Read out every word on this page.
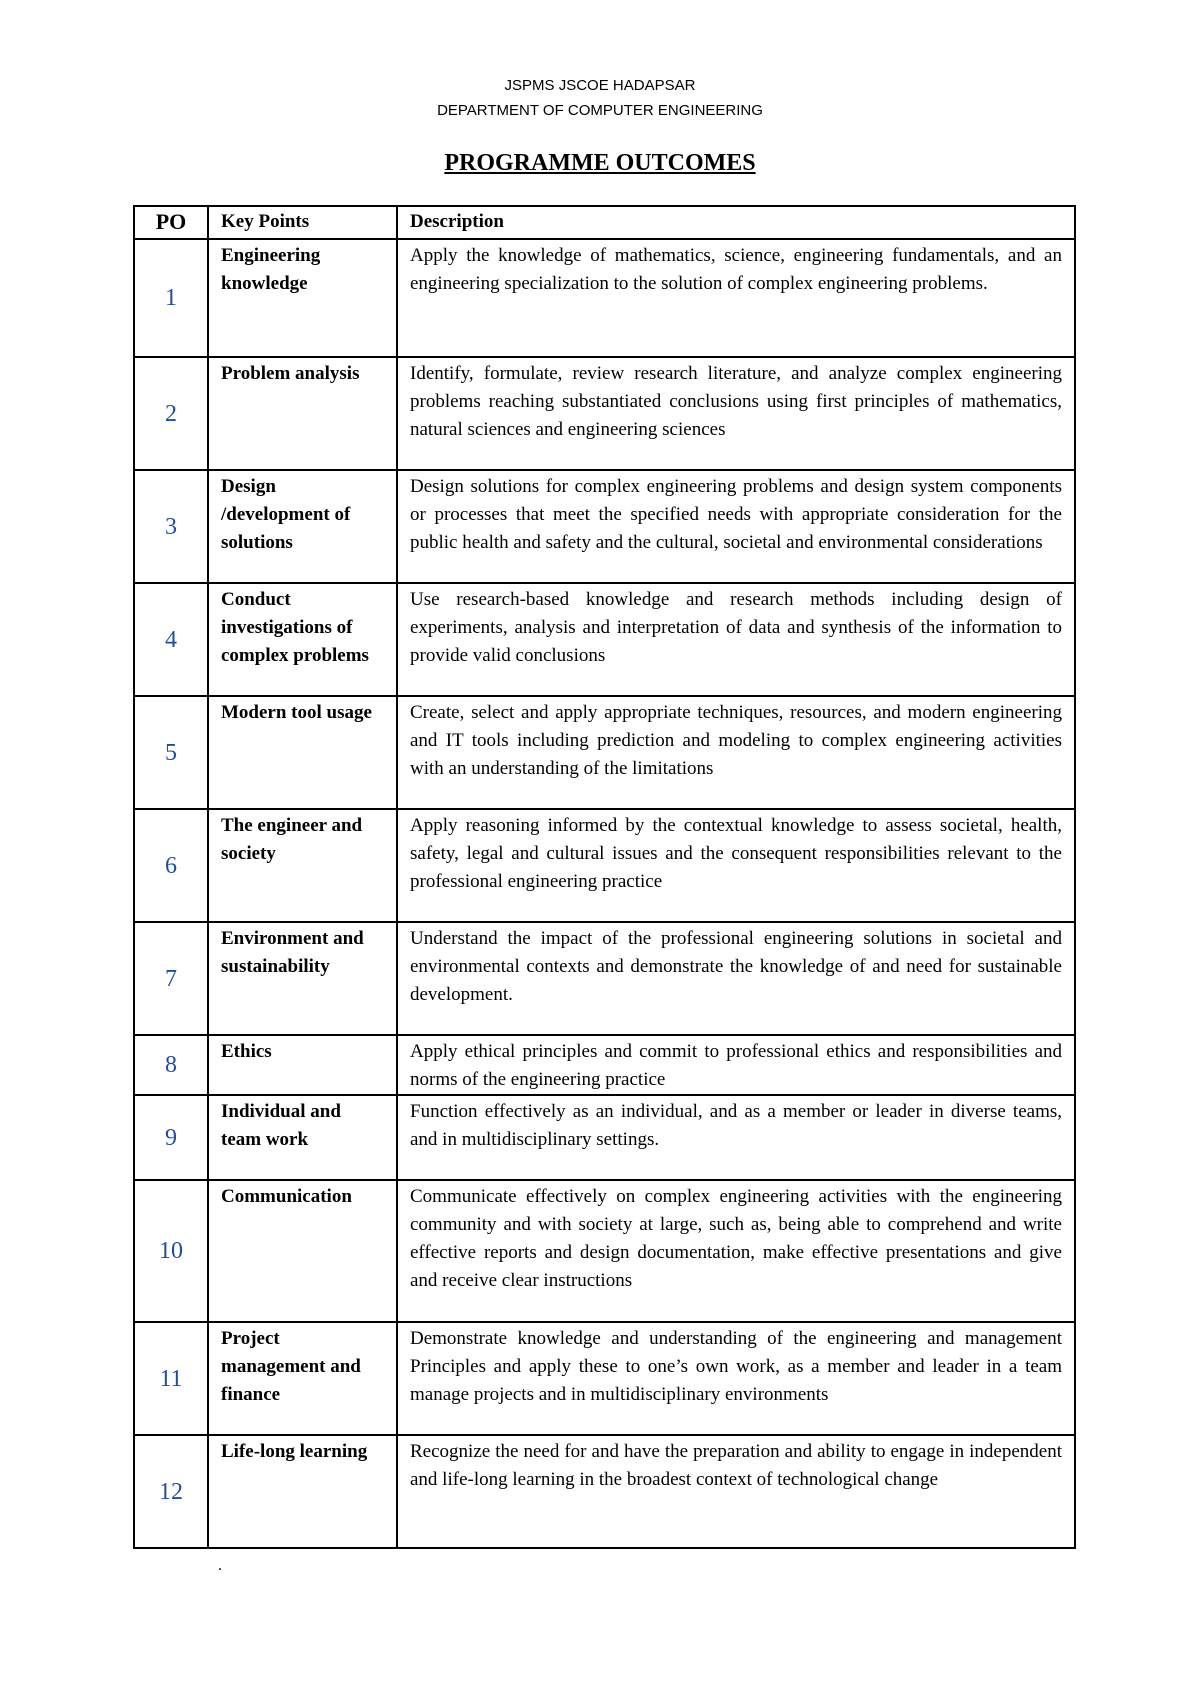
JSPMS JSCOE HADAPSAR
DEPARTMENT OF COMPUTER ENGINEERING
PROGRAMME OUTCOMES
PO	Key Points	Description
1	Engineering knowledge	Apply the knowledge of mathematics, science, engineering fundamentals, and an engineering specialization to the solution of complex engineering problems.
2	Problem analysis	Identify, formulate, review research literature, and analyze complex engineering problems reaching substantiated conclusions using first principles of mathematics, natural sciences and engineering sciences
3	Design /development of solutions	Design solutions for complex engineering problems and design system components or processes that meet the specified needs with appropriate consideration for the public health and safety and the cultural, societal and environmental considerations
4	Conduct investigations of complex problems	Use research-based knowledge and research methods including design of experiments, analysis and interpretation of data and synthesis of the information to provide valid conclusions
5	Modern tool usage	Create, select and apply appropriate techniques, resources, and modern engineering and IT tools including prediction and modeling to complex engineering activities with an understanding of the limitations
6	The engineer and society	Apply reasoning informed by the contextual knowledge to assess societal, health, safety, legal and cultural issues and the consequent responsibilities relevant to the professional engineering practice
7	Environment and sustainability	Understand the impact of the professional engineering solutions in societal and environmental contexts and demonstrate the knowledge of and need for sustainable development.
8	Ethics	Apply ethical principles and commit to professional ethics and responsibilities and norms of the engineering practice
9	Individual and team work	Function effectively as an individual, and as a member or leader in diverse teams, and in multidisciplinary settings.
10	Communication	Communicate effectively on complex engineering activities with the engineering community and with society at large, such as, being able to comprehend and write effective reports and design documentation, make effective presentations and give and receive clear instructions
11	Project management and finance	Demonstrate knowledge and understanding of the engineering and management Principles and apply these to one’s own work, as a member and leader in a team manage projects and in multidisciplinary environments
12	Life-long learning	Recognize the need for and have the preparation and ability to engage in independent and life-long learning in the broadest context of technological change
.
